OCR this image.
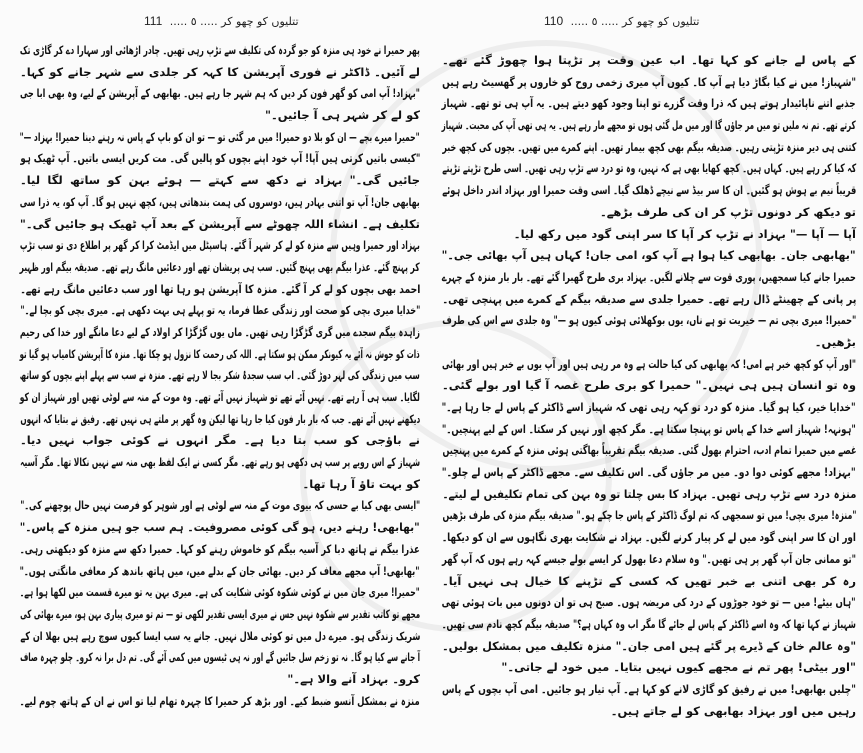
تتلیوں کو چھو کر ..... ٥ ..... 111
پھر حمیرا نے خود ہی منزہ کو جو گردہ کی تکلیف سے تڑپ رہی تھیں۔ چادر اڑھائی اور سہارا دے کر گاڑی تک
لے آئیں۔ ڈاکٹر نے فوری آپریشن کا کہہ کر جلدی سے شہر جانے کو کہا۔
"بہزاد! آپ امی کو گھر فون کر دیں کہ ہم شہر جا رہے ہیں۔ بھابھی کے آپریشن کے لیے، وہ بھی ابا جی
کو لے کر شہر ہی آ جائیں۔"
"حمیرا میرے بچے — ان کو بلا دو حمیرا! میں مر گئی تو — تو ان کو باپ کے پاس نہ رہنے دینا حمیرا! بہزاد —"
"کیسی باتیں کرتی ہیں آپا! آپ خود اپنے بچوں کو پالیں گی۔ مت کریں ایسی باتیں۔ آپ ٹھیک ہو
جائیں گی۔" بہزاد نے دکھ سے کہتے — ہوئے بہن کو ساتھ لگا لیا۔
بھابھی جان! آپ تو اتنی بہادر ہیں، دوسروں کی ہمت بندھاتی ہیں، کچھ نہیں ہو گا۔ آپ کو، یہ ذرا سی
تکلیف ہے۔ انشاء اللہ چھوٹے سے آپریشن کے بعد آپ ٹھیک ہو جائیں گی۔"
بہزاد اور حمیرا وہیں سے منزہ کو لے کر شہر آ گئے۔ ہاسپٹل میں ایڈمٹ کرا کر گھر پر اطلاع دی تو سب تڑپ
کر پہنچ گئے۔ عذرا بیگم بھی پہنچ گئیں۔ سب ہی پریشان تھے اور دعائیں مانگ رہے تھے۔ صدیقہ بیگم اور ظہیر
احمد بھی بچوں کو لے کر آ گئے۔ منزہ کا آپریشن ہو رہا تھا اور سب دعائیں مانگ رہے تھے۔
"خدایا میری بچی کو صحت اور زندگی عطا فرما، یہ تو پہلے ہی بہت دکھی ہے۔ میری بچی کو بچا لے۔"
زاہدہ بیگم سجدے میں گری گڑگڑا رہی تھیں۔ ماں یوں گڑگڑا کر اولاد کے لیے دعا مانگے اور خدا کی رحیم
ذات کو جوش نہ آئے یہ کیونکر ممکن ہو سکتا ہے۔ اللہ کی رحمت کا نزول ہو چکا تھا۔ منزہ کا آپریشن کامیاب ہو گیا تو
سب میں زندگی کی لہر دوڑ گئی۔ اب سب سجدۂ شکر بجا لا رہے تھے۔ منزہ نے سب سے پہلے اپنے بچوں کو ساتھ
لگایا۔ سب ہی آ رہے تھے۔ نہیں آئے تھے تو شہباز نہیں آئے تھے۔ وہ موت کے منہ سے لوٹی تھیں اور شہباز ان کو
دیکھنے نہیں آئے تھے۔ جب کہ بار بار فون کیا جا رہا تھا لیکن وہ گھر پر ملتے ہی نہیں تھے۔ رفیق نے بتایا کہ انہوں
نے باؤجی کو سب بتا دیا ہے۔ مگر انہوں نے کوئی جواب نہیں دیا۔
شہباز کے اس رویے پر سب ہی دکھی ہو رہے تھے۔ مگر کسی نے ایک لفظ بھی منہ سے نہیں نکالا تھا۔ مگر آسیہ
کو بہت تاؤ آ رہا تھا۔
"ایسی بھی کیا بے حسی کہ بیوی موت کے منہ سے لوٹی ہے اور شوہر کو فرصت نہیں حال پوچھنے کی۔"
"بھابھی! رہنے دیں، ہو گی کوئی مصروفیت۔ ہم سب جو ہیں منزہ کے پاس۔"
عذرا بیگم نے ہاتھ دبا کر آسیہ بیگم کو خاموش رہنے کو کہا۔ حمیرا دکھ سے منزہ کو دیکھتی رہی۔
"بھابھی! آپ مجھے معاف کر دیں۔ بھائی جان کے بدلے میں، میں ہاتھ باندھ کر معافی مانگتی ہوں۔"
"حمیرا! میری جان میں نے کوئی شکوہ کوئی شکایت کی ہے۔ میری بہن یہ تو میرے قسمت میں لکھا ہوا ہے۔
مجھے تو کاتب تقدیر سے شکوہ نہیں جس نے میری ایسی تقدیر لکھی تو — تم تو میری پیاری بہن ہو، میرے بھائی کی
شریک زندگی ہو۔ میرے دل میں تو کوئی ملال نہیں۔ جانے یہ سب ایسا کیوں سوچ رہے ہیں بھلا ان کے
آ جانے سے کیا ہو گا۔ نہ تو زخم سل جائیں گے اور نہ ہی ٹیسوں میں کمی آئے گی۔ تم دل برا نہ کرو۔ چلو چہرہ صاف
کرو۔ بہزاد آنے والا ہے۔"
منزہ نے بمشکل آنسو ضبط کیے۔ اور بڑھ کر حمیرا کا چہرہ تھام لیا تو اس نے ان کے ہاتھ چوم لیے۔
تتلیوں کو چھو کر ..... ٥ ..... 110
کے پاس لے جانے کو کہا تھا۔ اب عین وقت پر تڑپتا ہوا چھوڑ گئے تھے۔
"شہباز! میں نے کیا بگاڑ دیا ہے آپ کا۔ کیوں آپ میری زخمی روح کو خاروں پر گھسیٹ رہے ہیں
جذبے اتنے ناپائیدار ہوتے ہیں کہ ذرا وقت گزرے تو اپنا وجود کھو دیتے ہیں۔ یہ آپ ہی تو تھے۔ شہباز
کرتے تھے۔ تم نہ ملیں تو میں مر جاؤں گا اور میں مل گئی ہوں تو مجھے مار رہے ہیں۔ یہ ہی تھی آپ کی محبت۔ شہباز
کتنی ہی دیر منزہ تڑپتی رہیں۔ صدیقہ بیگم بھی کچھ بیمار تھیں۔ اپنے کمرے میں تھیں۔ بچوں کی کچھ خبر
کہ کیا کر رہے ہیں۔ کہاں ہیں۔ کچھ کھایا بھی ہے کہ نہیں، وہ تو درد سے تڑپ رہی تھیں۔ اسی طرح تڑپتے تڑپتے
قریباً نیم بے ہوش ہو گئیں۔ ان کا سر بیڈ سے نیچے ڈھلک گیا۔ اسی وقت حمیرا اور بہزاد اندر داخل ہوئے
تو دیکھ کر دونوں تڑپ کر ان کی طرف بڑھے۔
آپا — آپا —" بہزاد نے تڑپ کر آپا کا سر اپنی گود میں رکھ لیا۔
"بھابھی جان۔ بھابھی کیا ہوا ہے آپ کو، امی جان! کہاں ہیں آپ بھائی جی۔"
حمیرا جانے کیا سمجھیں، پوری قوت سے چلانے لگیں۔ بہزاد بری طرح گھبرا گئے تھے۔ بار بار منزہ کے چہرے
پر پانی کے چھینٹے ڈال رہے تھے۔ حمیرا جلدی سے صدیقہ بیگم کے کمرے میں پہنچی تھی۔
"حمیرا! میری بچی تم — خیریت تو ہے ناں، یوں بوکھلائی ہوئی کیوں ہو —" وہ جلدی سے اس کی طرف
بڑھیں۔
"اور آپ کو کچھ خبر ہے امی! کہ بھابھی کی کیا حالت ہے وہ مر رہی ہیں اور آپ یوں بے خبر ہیں اور بھائی
وہ تو انسان ہیں ہی نہیں۔" حمیرا کو بری طرح غصہ آ گیا اور بولے گئی۔
"خدایا خیر، کیا ہو گیا۔ منزہ کو درد تو کہہ رہی تھی کہ شہباز اسے ڈاکٹر کے پاس لے جا رہا ہے۔"
"ہونہہ! شہباز اسے خدا کے پاس تو پہنچا سکتا ہے۔ مگر کچھ اور نہیں کر سکتا۔ اس کے لیے پہنچیں۔"
غصے میں حمیرا تمام ادب، احترام بھول گئی۔ صدیقہ بیگم تقریباً بھاگتی ہوئی منزہ کے کمرے میں پہنچیں
"بہزاد! مجھے کوئی دوا دو۔ میں مر جاؤں گی۔ اس تکلیف سے۔ مجھے ڈاکٹر کے پاس لے چلو۔"
منزہ درد سے تڑپ رہی تھیں۔ بہزاد کا بس چلتا تو وہ بہن کی تمام تکلیفیں لے لیتے۔
"منزہ! میری بچی! میں تو سمجھی کہ تم لوگ ڈاکٹر کے پاس جا چکے ہو۔" صدیقہ بیگم منزہ کی طرف بڑھیں
اور ان کا سر اپنی گود میں لے کر پیار کرنے لگیں۔ بہزاد نے شکایت بھری نگاہوں سے ان کو دیکھا۔
"تو ممانی جان آپ گھر پر ہی تھیں۔" وہ سلام دعا بھول کر ایسے بولے جیسے کہہ رہے ہوں کہ آپ گھر
رہ کر بھی اتنی بے خبر تھیں کہ کسی کے تڑپنے کا خیال ہی نہیں آیا۔
"ہاں بیٹے! میں — تو خود جوڑوں کے درد کی مریضہ ہوں۔ صبح ہی تو ان دونوں میں بات ہوئی تھی
شہباز نے کہا تھا کہ وہ اسے ڈاکٹر کے پاس لے جائے گا مگر اب وہ کہاں ہے؟" صدیقہ بیگم کچھ نادم سی تھیں۔
"وہ عالم خان کے ڈیرے پر گئے ہیں امی جان۔" منزہ تکلیف میں بمشکل بولیں۔
"اور بیٹی! پھر تم نے مجھے کیوں نہیں بتایا۔ میں خود لے جاتی۔"
"چلیں بھابھی! میں نے رفیق کو گاڑی لانے کو کہا ہے۔ آپ تیار ہو جائیں۔ امی آپ بچوں کے پاس
رہیں میں اور بہزاد بھابھی کو لے جاتے ہیں۔
